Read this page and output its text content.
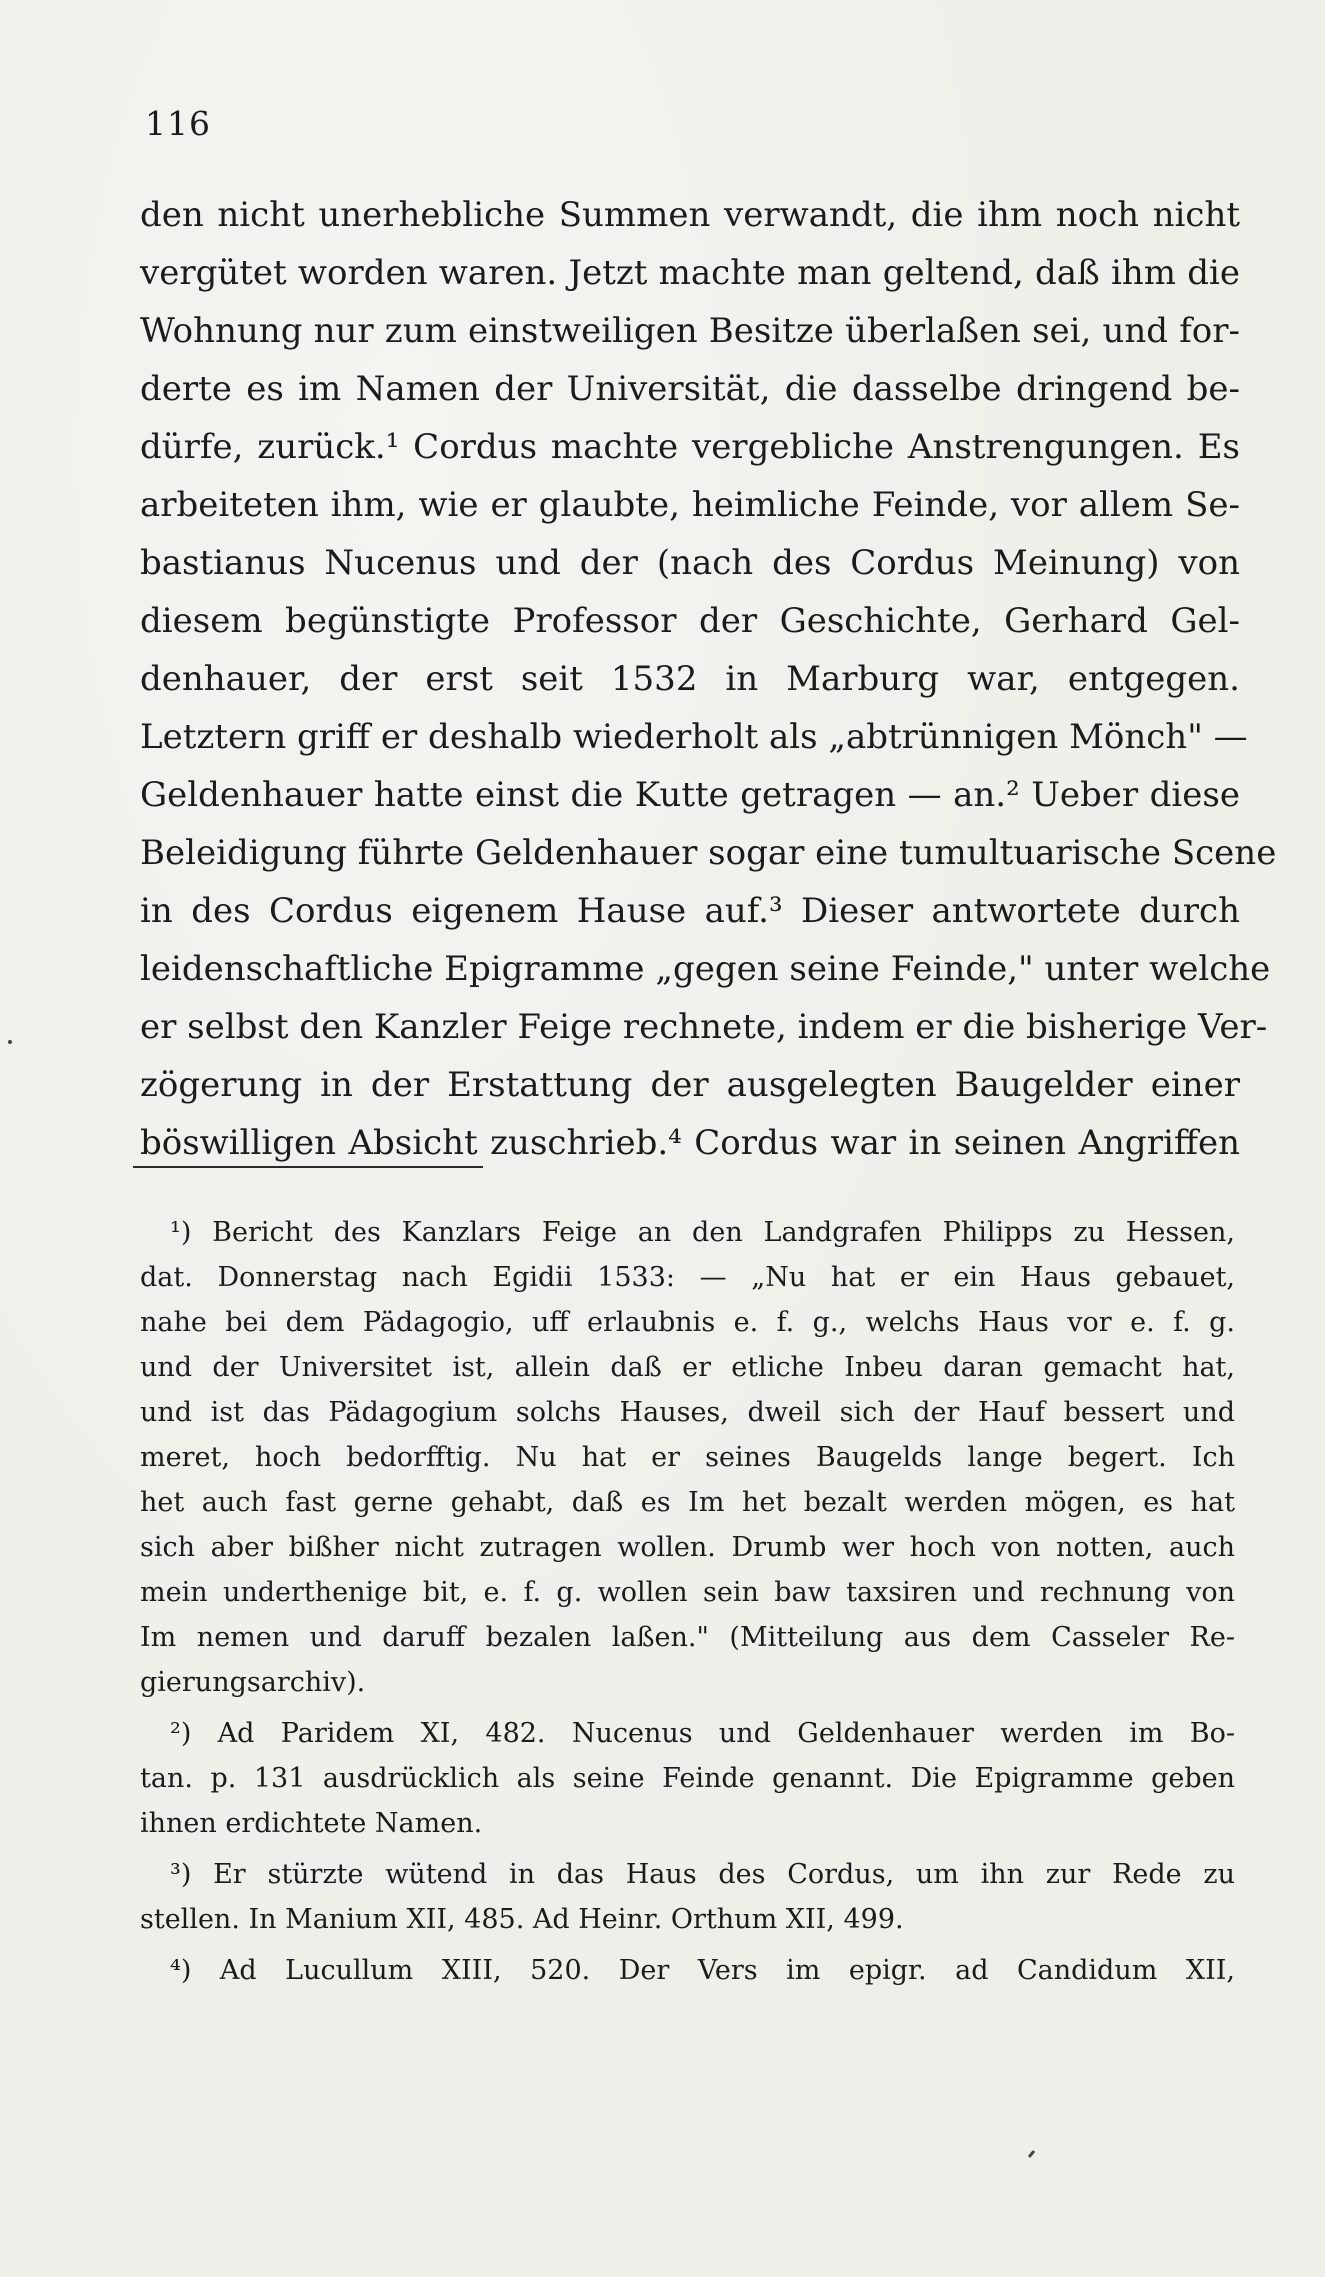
116
den nicht unerhebliche Summen verwandt, die ihm noch nicht
vergütet worden waren. Jetzt machte man geltend, daß ihm die
Wohnung nur zum einstweiligen Besitze überlaßen sei, und for-
derte es im Namen der Universität, die dasselbe dringend be-
dürfe, zurück.¹ Cordus machte vergebliche Anstrengungen. Es
arbeiteten ihm, wie er glaubte, heimliche Feinde, vor allem Se-
bastianus Nucenus und der (nach des Cordus Meinung) von
diesem begünstigte Professor der Geschichte, Gerhard Gel-
denhauer, der erst seit 1532 in Marburg war, entgegen.
Letztern griff er deshalb wiederholt als „abtrünnigen Mönch" —
Geldenhauer hatte einst die Kutte getragen — an.² Ueber diese
Beleidigung führte Geldenhauer sogar eine tumultuarische Scene
in des Cordus eigenem Hause auf.³ Dieser antwortete durch
leidenschaftliche Epigramme „gegen seine Feinde," unter welche
er selbst den Kanzler Feige rechnete, indem er die bisherige Ver-
zögerung in der Erstattung der ausgelegten Baugelder einer
böswilligen Absicht zuschrieb.⁴ Cordus war in seinen Angriffen
¹) Bericht des Kanzlars Feige an den Landgrafen Philipps zu Hessen,
dat. Donnerstag nach Egidii 1533: — „Nu hat er ein Haus gebauet,
nahe bei dem Pädagogio, uff erlaubnis e. f. g., welchs Haus vor e. f. g.
und der Universitet ist, allein daß er etliche Inbeu daran gemacht hat,
und ist das Pädagogium solchs Hauses, dweil sich der Hauf bessert und
meret, hoch bedorfftig. Nu hat er seines Baugelds lange begert. Ich
het auch fast gerne gehabt, daß es Im het bezalt werden mögen, es hat
sich aber bißher nicht zutragen wollen. Drumb wer hoch von notten, auch
mein underthenige bit, e. f. g. wollen sein baw taxsiren und rechnung von
Im nemen und daruff bezalen laßen." (Mitteilung aus dem Casseler Re-
gierungsarchiv).
²) Ad Paridem XI, 482. Nucenus und Geldenhauer werden im Bo-
tan. p. 131 ausdrücklich als seine Feinde genannt. Die Epigramme geben
ihnen erdichtete Namen.
³) Er stürzte wütend in das Haus des Cordus, um ihn zur Rede zu
stellen. In Manium XII, 485. Ad Heinr. Orthum XII, 499.
⁴) Ad Lucullum XIII, 520. Der Vers im epigr. ad Candidum XII,
